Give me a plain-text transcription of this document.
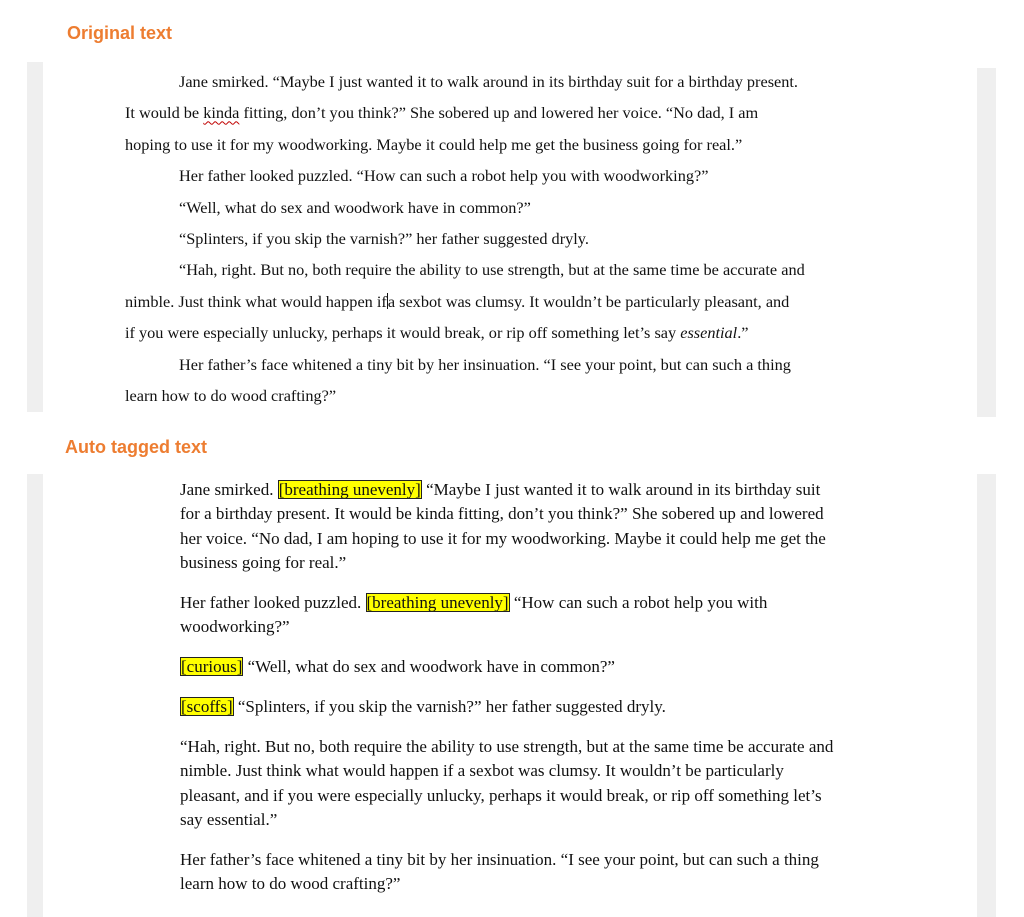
Original text

Jane smirked. “Maybe I just wanted it to walk around in its birthday suit for a birthday present.

It would be kinda fitting, don’t you think?” She sobered up and lowered her voice. “No dad, I am
hoping to use it for my woodworking. Maybe it could help me get the business going for real.”

Her father looked puzzled. “How can such a robot help you with woodworking?”

“Well, what do sex and woodwork have in common?”

“Splinters, if you skip the varnish?” her father suggested dryly.

“Hah, right. But no, both require the ability to use strength, but at the same time be accurate and

nimble. Just think what would happen ifa sexbot was clumsy. It wouldn’t be particularly pleasant, and
if you were especially unlucky, perhaps it would break, or rip off something let’s say essential.”

Her father’s face whitened a tiny bit by her insinuation. “I see your point, but can such a thing

learn how to do wood crafting?”
Auto tagged text

Jane smirked. [breathing unevenly] “Maybe I just wanted it to walk around in its birthday suit for a birthday present. It would be kinda fitting, don’t you think?” She sobered up and lowered her voice. “No dad, I am hoping to use it for my woodworking. Maybe it could help me get the business going for real.”

Her father looked puzzled. [breathing unevenly] “How can such a robot help you with woodworking?”

[curious] “Well, what do sex and woodwork have in common?”

[scoffs] “Splinters, if you skip the varnish?” her father suggested dryly.

“Hah, right. But no, both require the ability to use strength, but at the same time be accurate and nimble. Just think what would happen if a sexbot was clumsy. It wouldn’t be particularly pleasant, and if you were especially unlucky, perhaps it would break, or rip off something let’s say essential.”

Her father’s face whitened a tiny bit by her insinuation. “I see your point, but can such a thing learn how to do wood crafting?”
